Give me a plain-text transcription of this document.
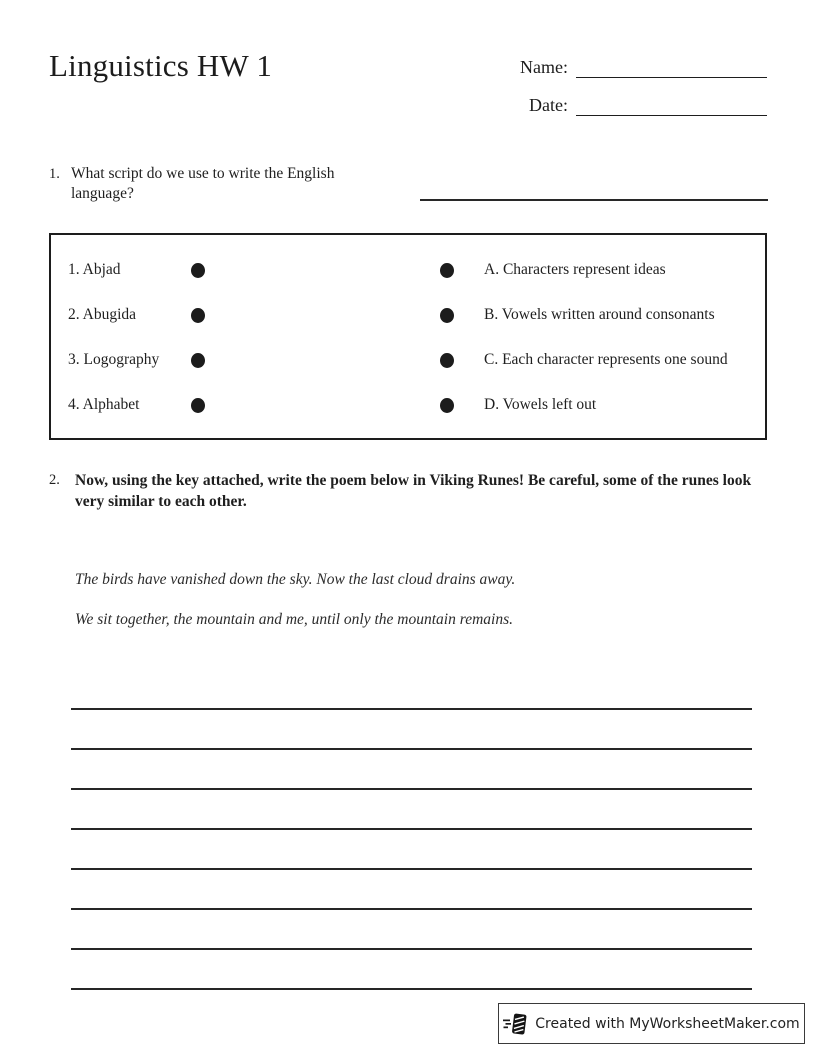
Linguistics HW 1	Name:
Date:
1. What script do we use to write the English language?
1. Abjad	A. Characters represent ideas
2. Abugida	B. Vowels written around consonants
3. Logography	C. Each character represents one sound
4. Alphabet	D. Vowels left out
2. Now, using the key attached, write the poem below in Viking Runes! Be careful, some of the runes look very similar to each other.
The birds have vanished down the sky. Now the last cloud drains away.
We sit together, the mountain and me, until only the mountain remains.
Created with MyWorksheetMaker.com
